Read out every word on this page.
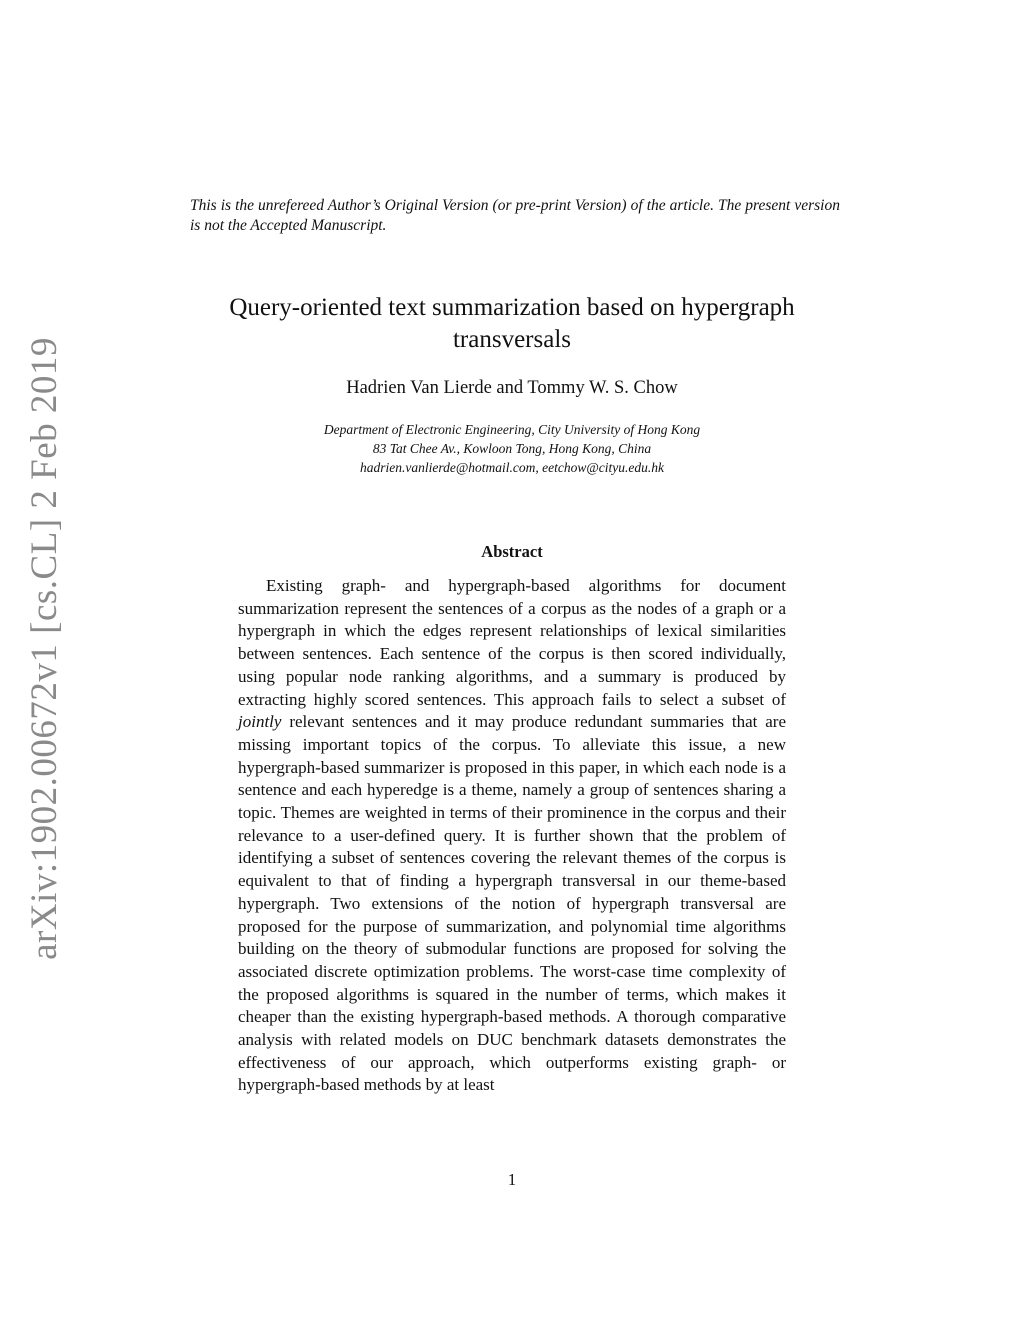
arXiv:1902.00672v1 [cs.CL] 2 Feb 2019
This is the unrefereed Author’s Original Version (or pre-print Version) of the article. The present version is not the Accepted Manuscript.
Query-oriented text summarization based on hypergraph transversals
Hadrien Van Lierde and Tommy W. S. Chow
Department of Electronic Engineering, City University of Hong Kong
83 Tat Chee Av., Kowloon Tong, Hong Kong, China
hadrien.vanlierde@hotmail.com, eetchow@cityu.edu.hk
Abstract

Existing graph- and hypergraph-based algorithms for document summarization represent the sentences of a corpus as the nodes of a graph or a hypergraph in which the edges represent relationships of lexical similarities between sentences. Each sentence of the corpus is then scored individually, using popular node ranking algorithms, and a summary is produced by extracting highly scored sentences. This approach fails to select a subset of jointly relevant sentences and it may produce redundant summaries that are missing important topics of the corpus. To alleviate this issue, a new hypergraph-based summarizer is proposed in this paper, in which each node is a sentence and each hyperedge is a theme, namely a group of sentences sharing a topic. Themes are weighted in terms of their prominence in the corpus and their relevance to a user-defined query. It is further shown that the problem of identifying a subset of sentences covering the relevant themes of the corpus is equivalent to that of finding a hypergraph transversal in our theme-based hypergraph. Two extensions of the notion of hypergraph transversal are proposed for the purpose of summarization, and polynomial time algorithms building on the theory of submodular functions are proposed for solving the associated discrete optimization problems. The worst-case time complexity of the proposed algorithms is squared in the number of terms, which makes it cheaper than the existing hypergraph-based methods. A thorough comparative analysis with related models on DUC benchmark datasets demonstrates the effectiveness of our approach, which outperforms existing graph- or hypergraph-based methods by at least

1
